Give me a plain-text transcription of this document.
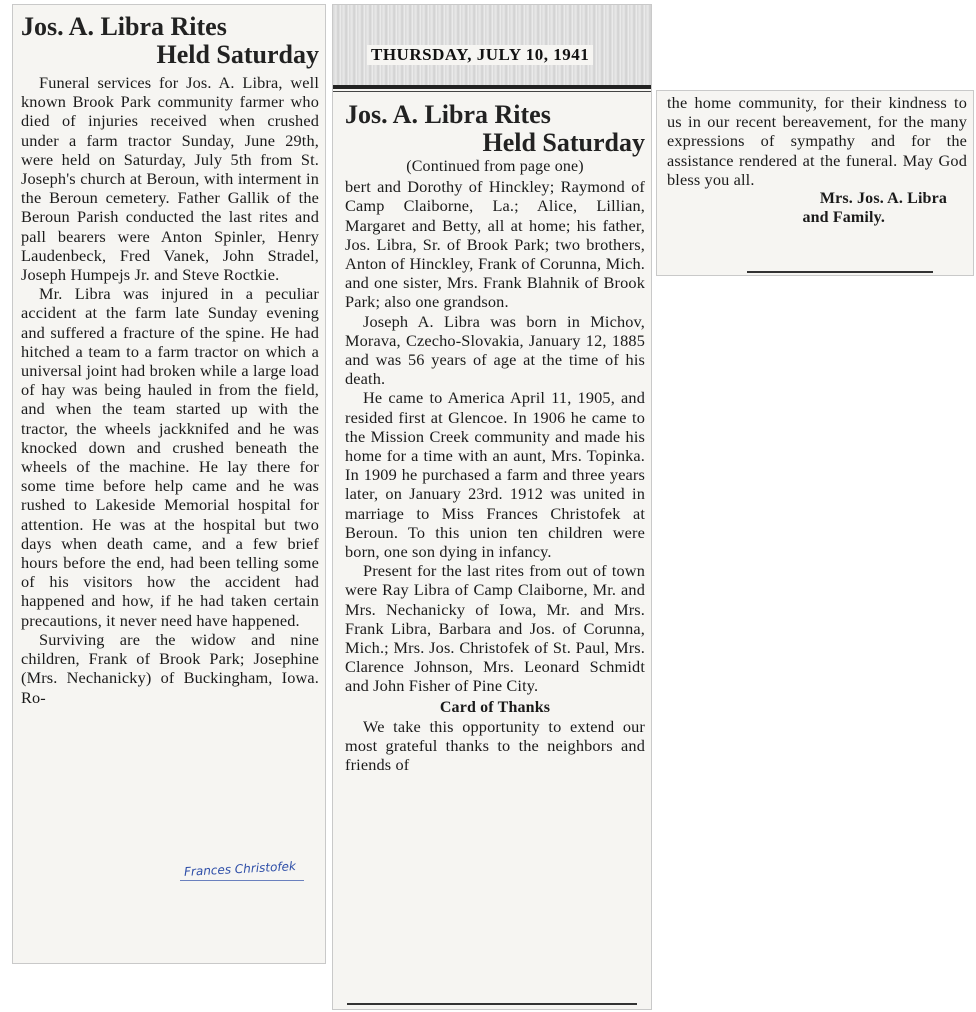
Jos. A. Libra Rites
Held Saturday

Funeral services for Jos. A. Libra, well known Brook Park community farmer who died of injuries received when crushed under a farm tractor Sunday, June 29th, were held on Saturday, July 5th from St. Joseph's church at Beroun, with interment in the Beroun cemetery. Father Gallik of the Beroun Parish conducted the last rites and pall bearers were Anton Spinler, Henry Laudenbeck, Fred Vanek, John Stradel, Joseph Humpejs Jr. and Steve Roctkie.

Mr. Libra was injured in a peculiar accident at the farm late Sunday evening and suffered a fracture of the spine. He had hitched a team to a farm tractor on which a universal joint had broken while a large load of hay was being hauled in from the field, and when the team started up with the tractor, the wheels jackknifed and he was knocked down and crushed beneath the wheels of the machine. He lay there for some time before help came and he was rushed to Lakeside Memorial hospital for attention. He was at the hospital but two days when death came, and a few brief hours before the end, had been telling some of his visitors how the accident had happened and how, if he had taken certain precautions, it never need have happened.

Surviving are the widow and nine children, Frank of Brook Park; Josephine (Mrs. Nechanicky) of Buckingham, Iowa. Ro-

Frances Christofek
THURSDAY, JULY 10, 1941
Jos. A. Libra Rites
Held Saturday
(Continued from page one)

bert and Dorothy of Hinckley; Raymond of Camp Claiborne, La.; Alice, Lillian, Margaret and Betty, all at home; his father, Jos. Libra, Sr. of Brook Park; two brothers, Anton of Hinckley, Frank of Corunna, Mich. and one sister, Mrs. Frank Blahnik of Brook Park; also one grandson.

Joseph A. Libra was born in Michov, Morava, Czecho-Slovakia, January 12, 1885 and was 56 years of age at the time of his death.

He came to America April 11, 1905, and resided first at Glencoe. In 1906 he came to the Mission Creek community and made his home for a time with an aunt, Mrs. Topinka. In 1909 he purchased a farm and three years later, on January 23rd. 1912 was united in marriage to Miss Frances Christofek at Beroun. To this union ten children were born, one son dying in infancy.

Present for the last rites from out of town were Ray Libra of Camp Claiborne, Mr. and Mrs. Nechanicky of Iowa, Mr. and Mrs. Frank Libra, Barbara and Jos. of Corunna, Mich.; Mrs. Jos. Christofek of St. Paul, Mrs. Clarence Johnson, Mrs. Leonard Schmidt and John Fisher of Pine City.

Card of Thanks

We take this opportunity to extend our most grateful thanks to the neighbors and friends of

the home community, for their kindness to us in our recent bereavement, for the many expressions of sympathy and for the assistance rendered at the funeral. May God bless you all.

Mrs. Jos. A. Libra
and Family.
